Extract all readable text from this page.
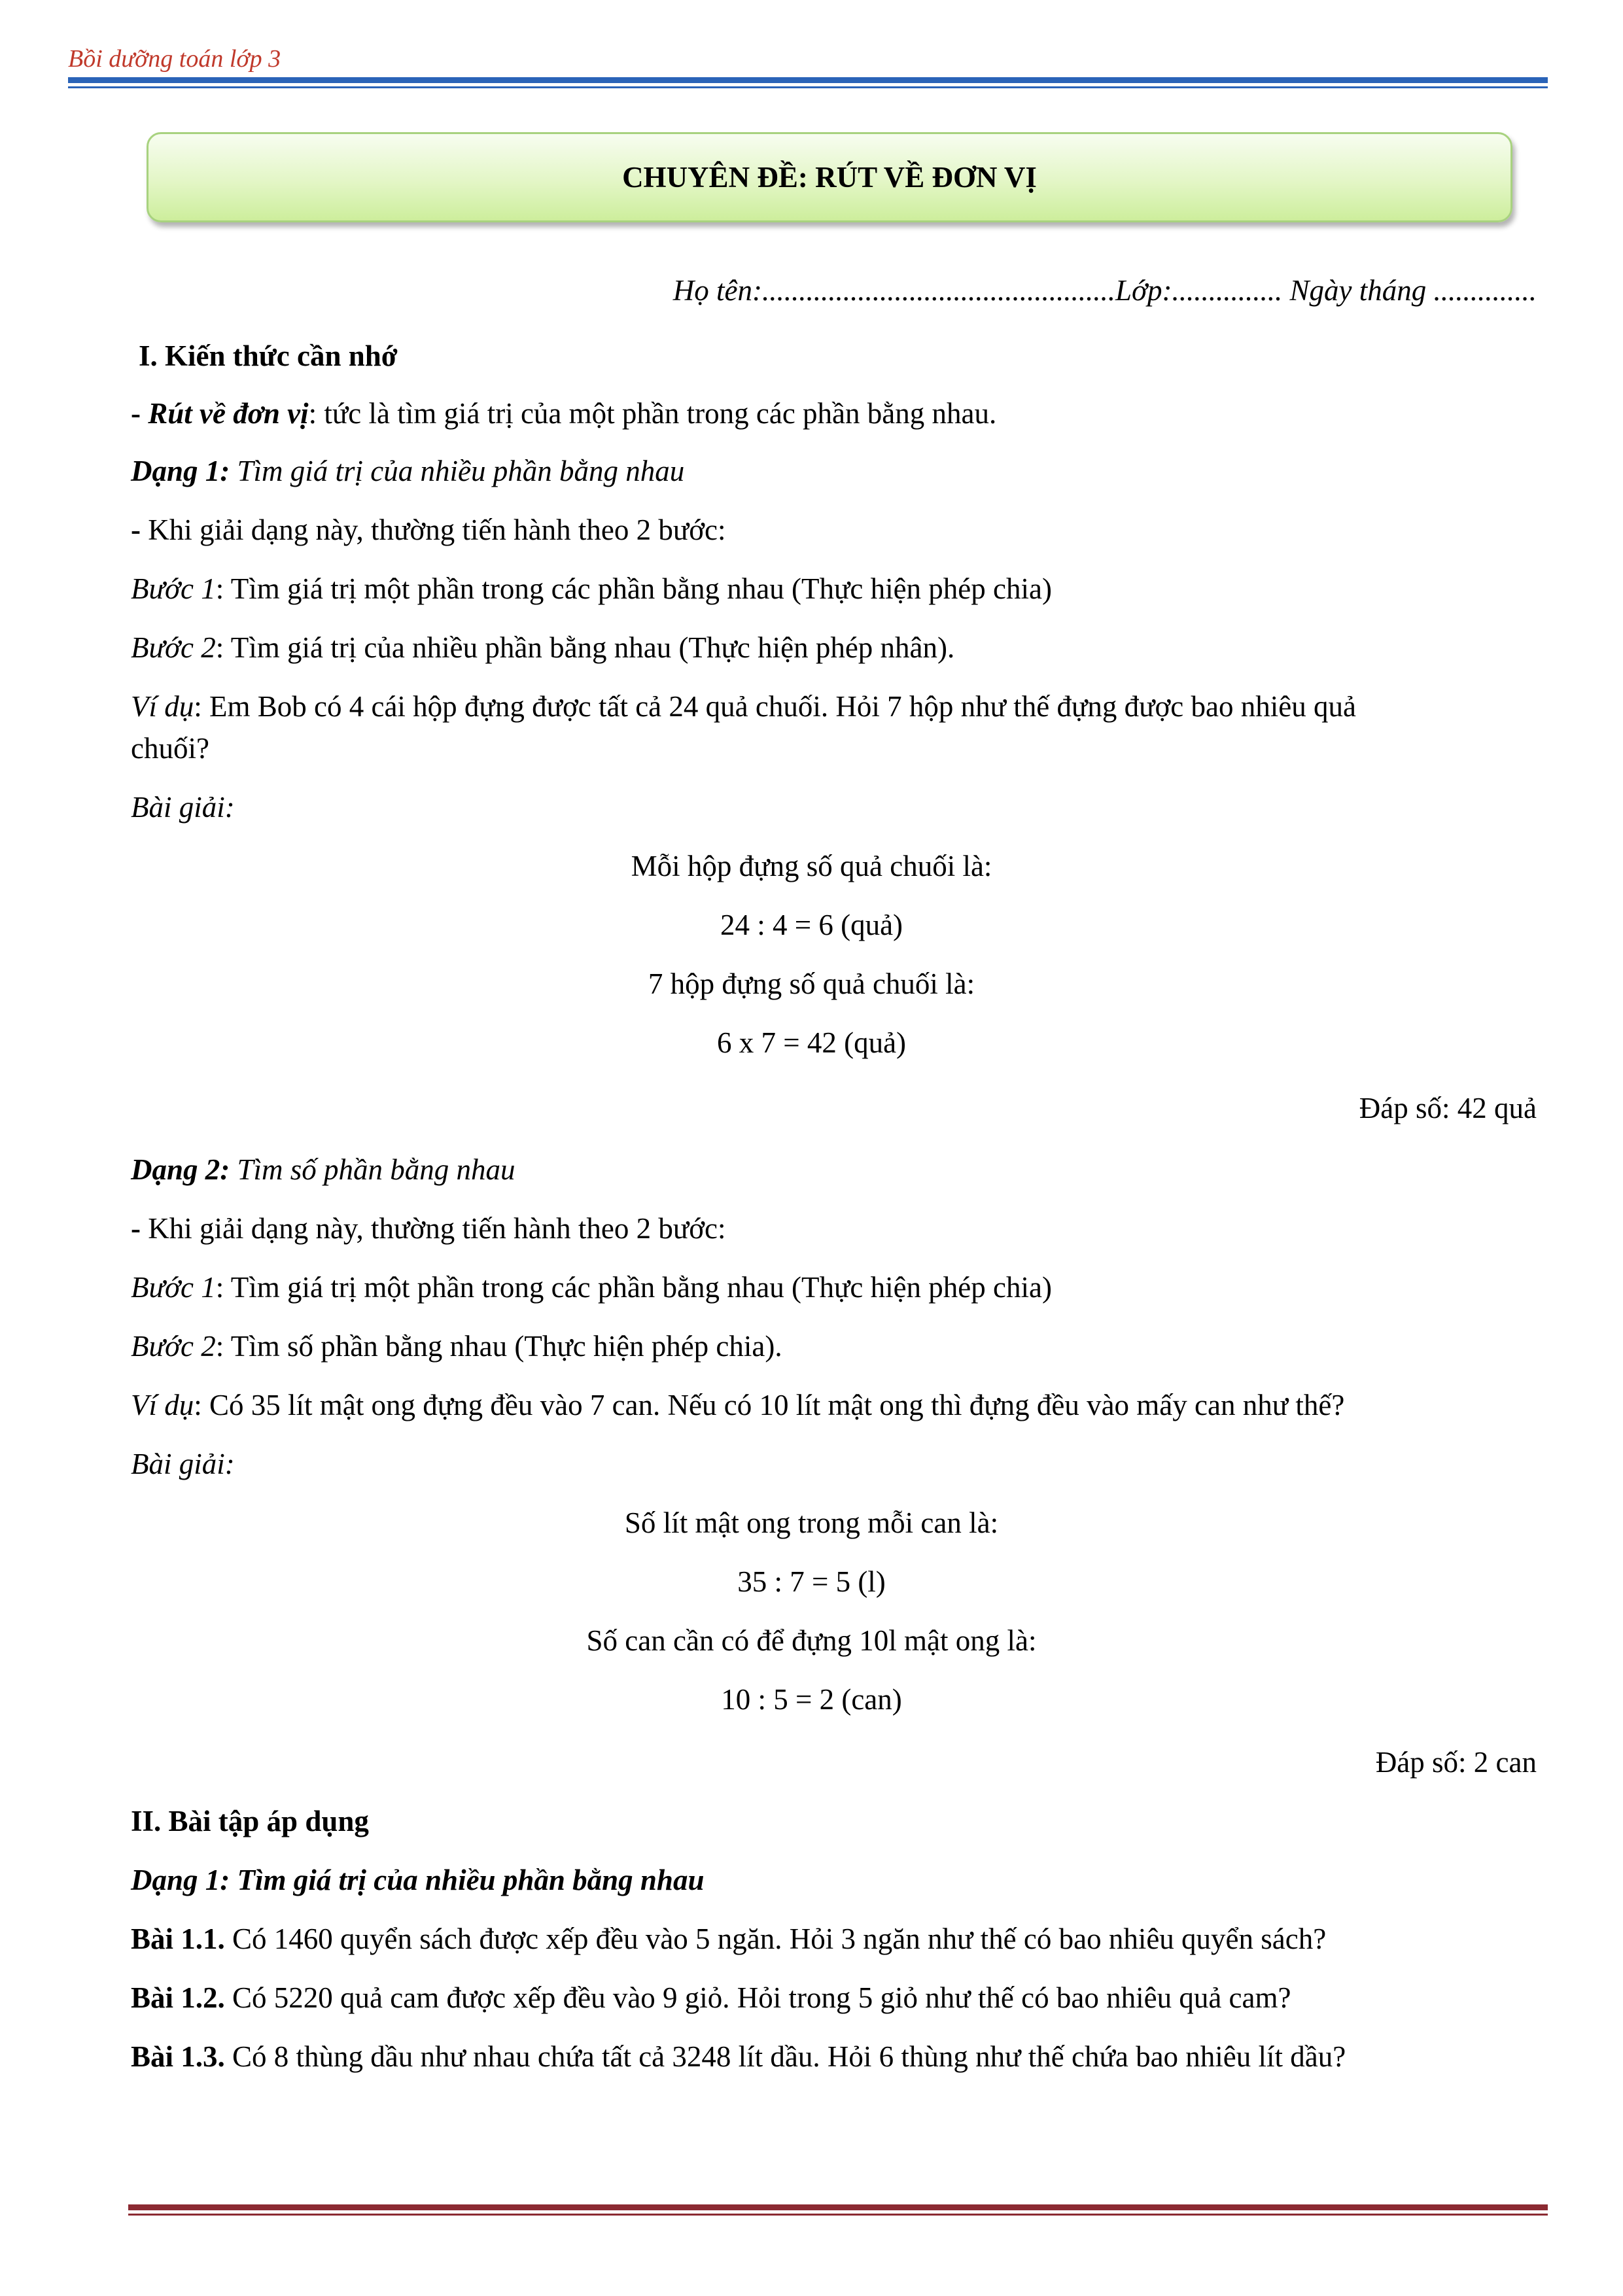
Bồi dưỡng toán lớp 3
CHUYÊN ĐỀ: RÚT VỀ ĐƠN VỊ
Họ tên:................................................Lớp:............... Ngày tháng ..............
I. Kiến thức cần nhớ
- Rút về đơn vị: tức là tìm giá trị của một phần trong các phần bằng nhau.
Dạng 1: Tìm giá trị của nhiều phần bằng nhau
- Khi giải dạng này, thường tiến hành theo 2 bước:
Bước 1: Tìm giá trị một phần trong các phần bằng nhau (Thực hiện phép chia)
Bước 2: Tìm giá trị của nhiều phần bằng nhau (Thực hiện phép nhân).
Ví dụ: Em Bob có 4 cái hộp đựng được tất cả 24 quả chuối. Hỏi 7 hộp như thế đựng được bao nhiêu quả
chuối?
Bài giải:
Mỗi hộp đựng số quả chuối là:
24 : 4 = 6 (quả)
7 hộp đựng số quả chuối là:
6 x 7 = 42 (quả)
Đáp số: 42 quả
Dạng 2: Tìm số phần bằng nhau
- Khi giải dạng này, thường tiến hành theo 2 bước:
Bước 1: Tìm giá trị một phần trong các phần bằng nhau (Thực hiện phép chia)
Bước 2: Tìm số phần bằng nhau (Thực hiện phép chia).
Ví dụ: Có 35 lít mật ong đựng đều vào 7 can. Nếu có 10 lít mật ong thì đựng đều vào mấy can như thế?
Bài giải:
Số lít mật ong trong mỗi can là:
35 : 7 = 5 (l)
Số can cần có để đựng 10l mật ong là:
10 : 5 = 2 (can)
Đáp số: 2 can
II. Bài tập áp dụng
Dạng 1: Tìm giá trị của nhiều phần bằng nhau
Bài 1.1. Có 1460 quyển sách được xếp đều vào 5 ngăn. Hỏi 3 ngăn như thế có bao nhiêu quyển sách?
Bài 1.2. Có 5220 quả cam được xếp đều vào 9 giỏ. Hỏi trong 5 giỏ như thế có bao nhiêu quả cam?
Bài 1.3. Có 8 thùng dầu như nhau chứa tất cả 3248 lít dầu. Hỏi 6 thùng như thế chứa bao nhiêu lít dầu?
